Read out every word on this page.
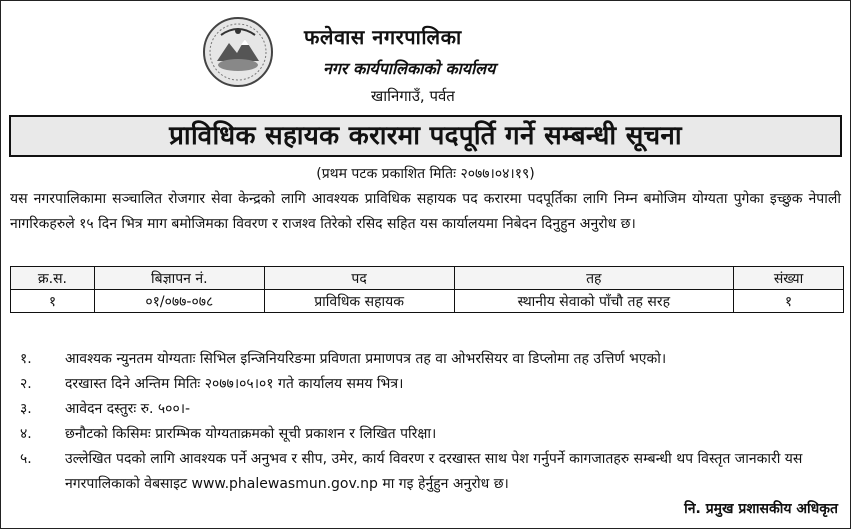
फलेवास नगरपालिका
नगर कार्यपालिकाको कार्यालय
खानिगाउँ, पर्वत
प्राविधिक सहायक करारमा पदपूर्ति गर्ने सम्बन्धी सूचना
(प्रथम पटक प्रकाशित मितिः २०७७।०४।१९)
यस नगरपालिकामा सञ्चालित रोजगार सेवा केन्द्रको लागि आवश्यक प्राविधिक सहायक पद करारमा पदपूर्तिका लागि निम्न बमोजिम योग्यता पुगेका इच्छुक नेपाली नागरिकहरुले १५ दिन भित्र माग बमोजिमका विवरण र राजश्व तिरेको रसिद सहित यस कार्यालयमा निबेदन दिनुहुन अनुरोध छ।
क्र.स.	बिज्ञापन नं.	पद	तह	संख्या
१	०१/०७७-०७८	प्राविधिक सहायक	स्थानीय सेवाको पाँचौ तह सरह	१
१.	आवश्यक न्युनतम योग्यताः सिभिल इन्जिनियरिङमा प्रविणता प्रमाणपत्र तह वा ओभरसियर वा डिप्लोमा तह उत्तिर्ण भएको।
२.	दरखास्त दिने अन्तिम मितिः २०७७।०५।०१ गते कार्यालय समय भित्र।
३.	आवेदन दस्तुरः रु. ५००।-
४.	छनौटको किसिमः प्रारम्भिक योग्यताक्रमको सूची प्रकाशन र लिखित परिक्षा।
५.	उल्लेखित पदको लागि आवश्यक पर्ने अनुभव र सीप, उमेर, कार्य विवरण र दरखास्त साथ पेश गर्नुपर्ने कागजातहरु सम्बन्धी थप विस्तृत जानकारी यस नगरपालिकाको वेबसाइट www.phalewasmun.gov.np मा गइ हेर्नुहुन अनुरोध छ।
नि. प्रमुख प्रशासकीय अधिकृत
